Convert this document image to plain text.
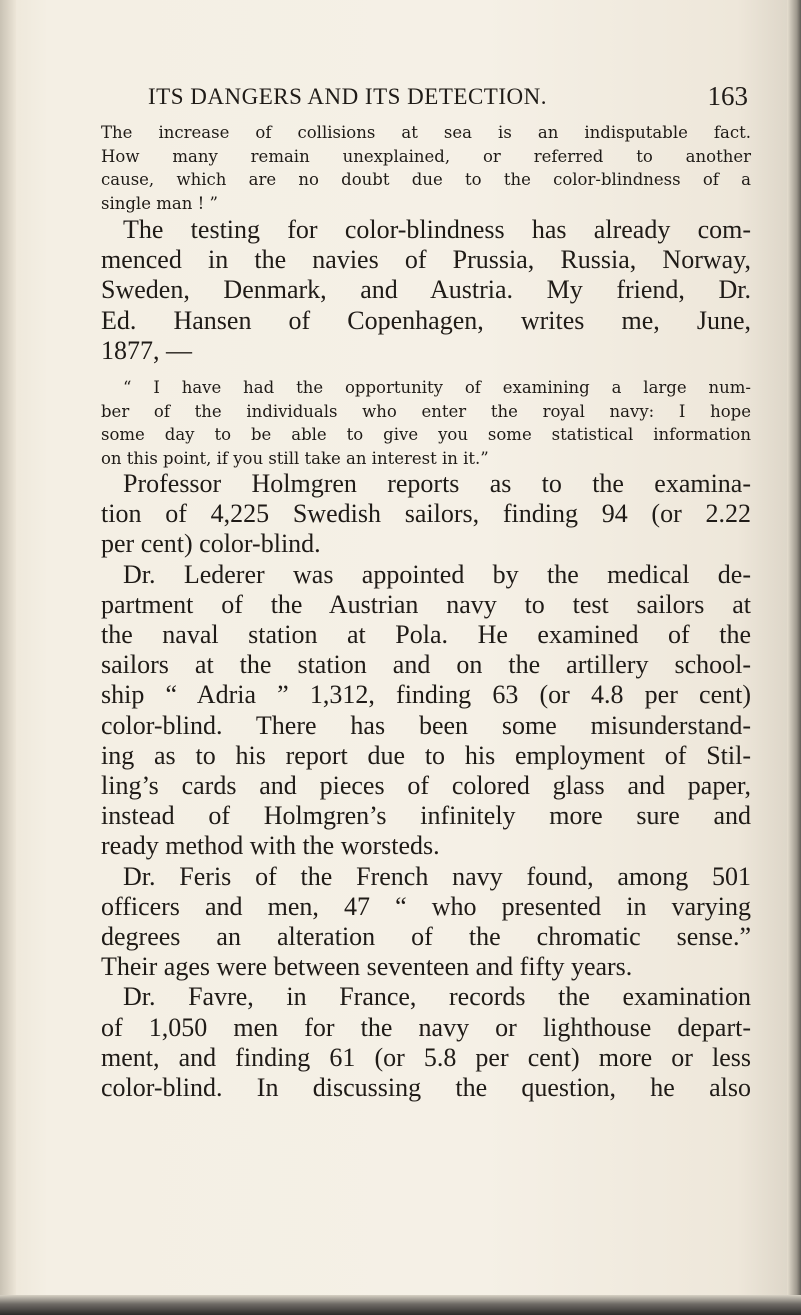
ITS DANGERS AND ITS DETECTION.	163
The increase of collisions at sea is an indisputable fact.
How many remain unexplained, or referred to another
cause, which are no doubt due to the color-blindness of a
single man ! ”
The testing for color-blindness has already com-
menced in the navies of Prussia, Russia, Norway,
Sweden, Denmark, and Austria. My friend, Dr.
Ed. Hansen of Copenhagen, writes me, June,
1877, —
“ I have had the opportunity of examining a large num-
ber of the individuals who enter the royal navy: I hope
some day to be able to give you some statistical information
on this point, if you still take an interest in it.”
Professor Holmgren reports as to the examina-
tion of 4,225 Swedish sailors, finding 94 (or 2.22
per cent) color-blind.
Dr. Lederer was appointed by the medical de-
partment of the Austrian navy to test sailors at
the naval station at Pola. He examined of the
sailors at the station and on the artillery school-
ship “ Adria ” 1,312, finding 63 (or 4.8 per cent)
color-blind. There has been some misunderstand-
ing as to his report due to his employment of Stil-
ling’s cards and pieces of colored glass and paper,
instead of Holmgren’s infinitely more sure and
ready method with the worsteds.
Dr. Feris of the French navy found, among 501
officers and men, 47 “ who presented in varying
degrees an alteration of the chromatic sense.”
Their ages were between seventeen and fifty years.
Dr. Favre, in France, records the examination
of 1,050 men for the navy or lighthouse depart-
ment, and finding 61 (or 5.8 per cent) more or less
color-blind. In discussing the question, he also
